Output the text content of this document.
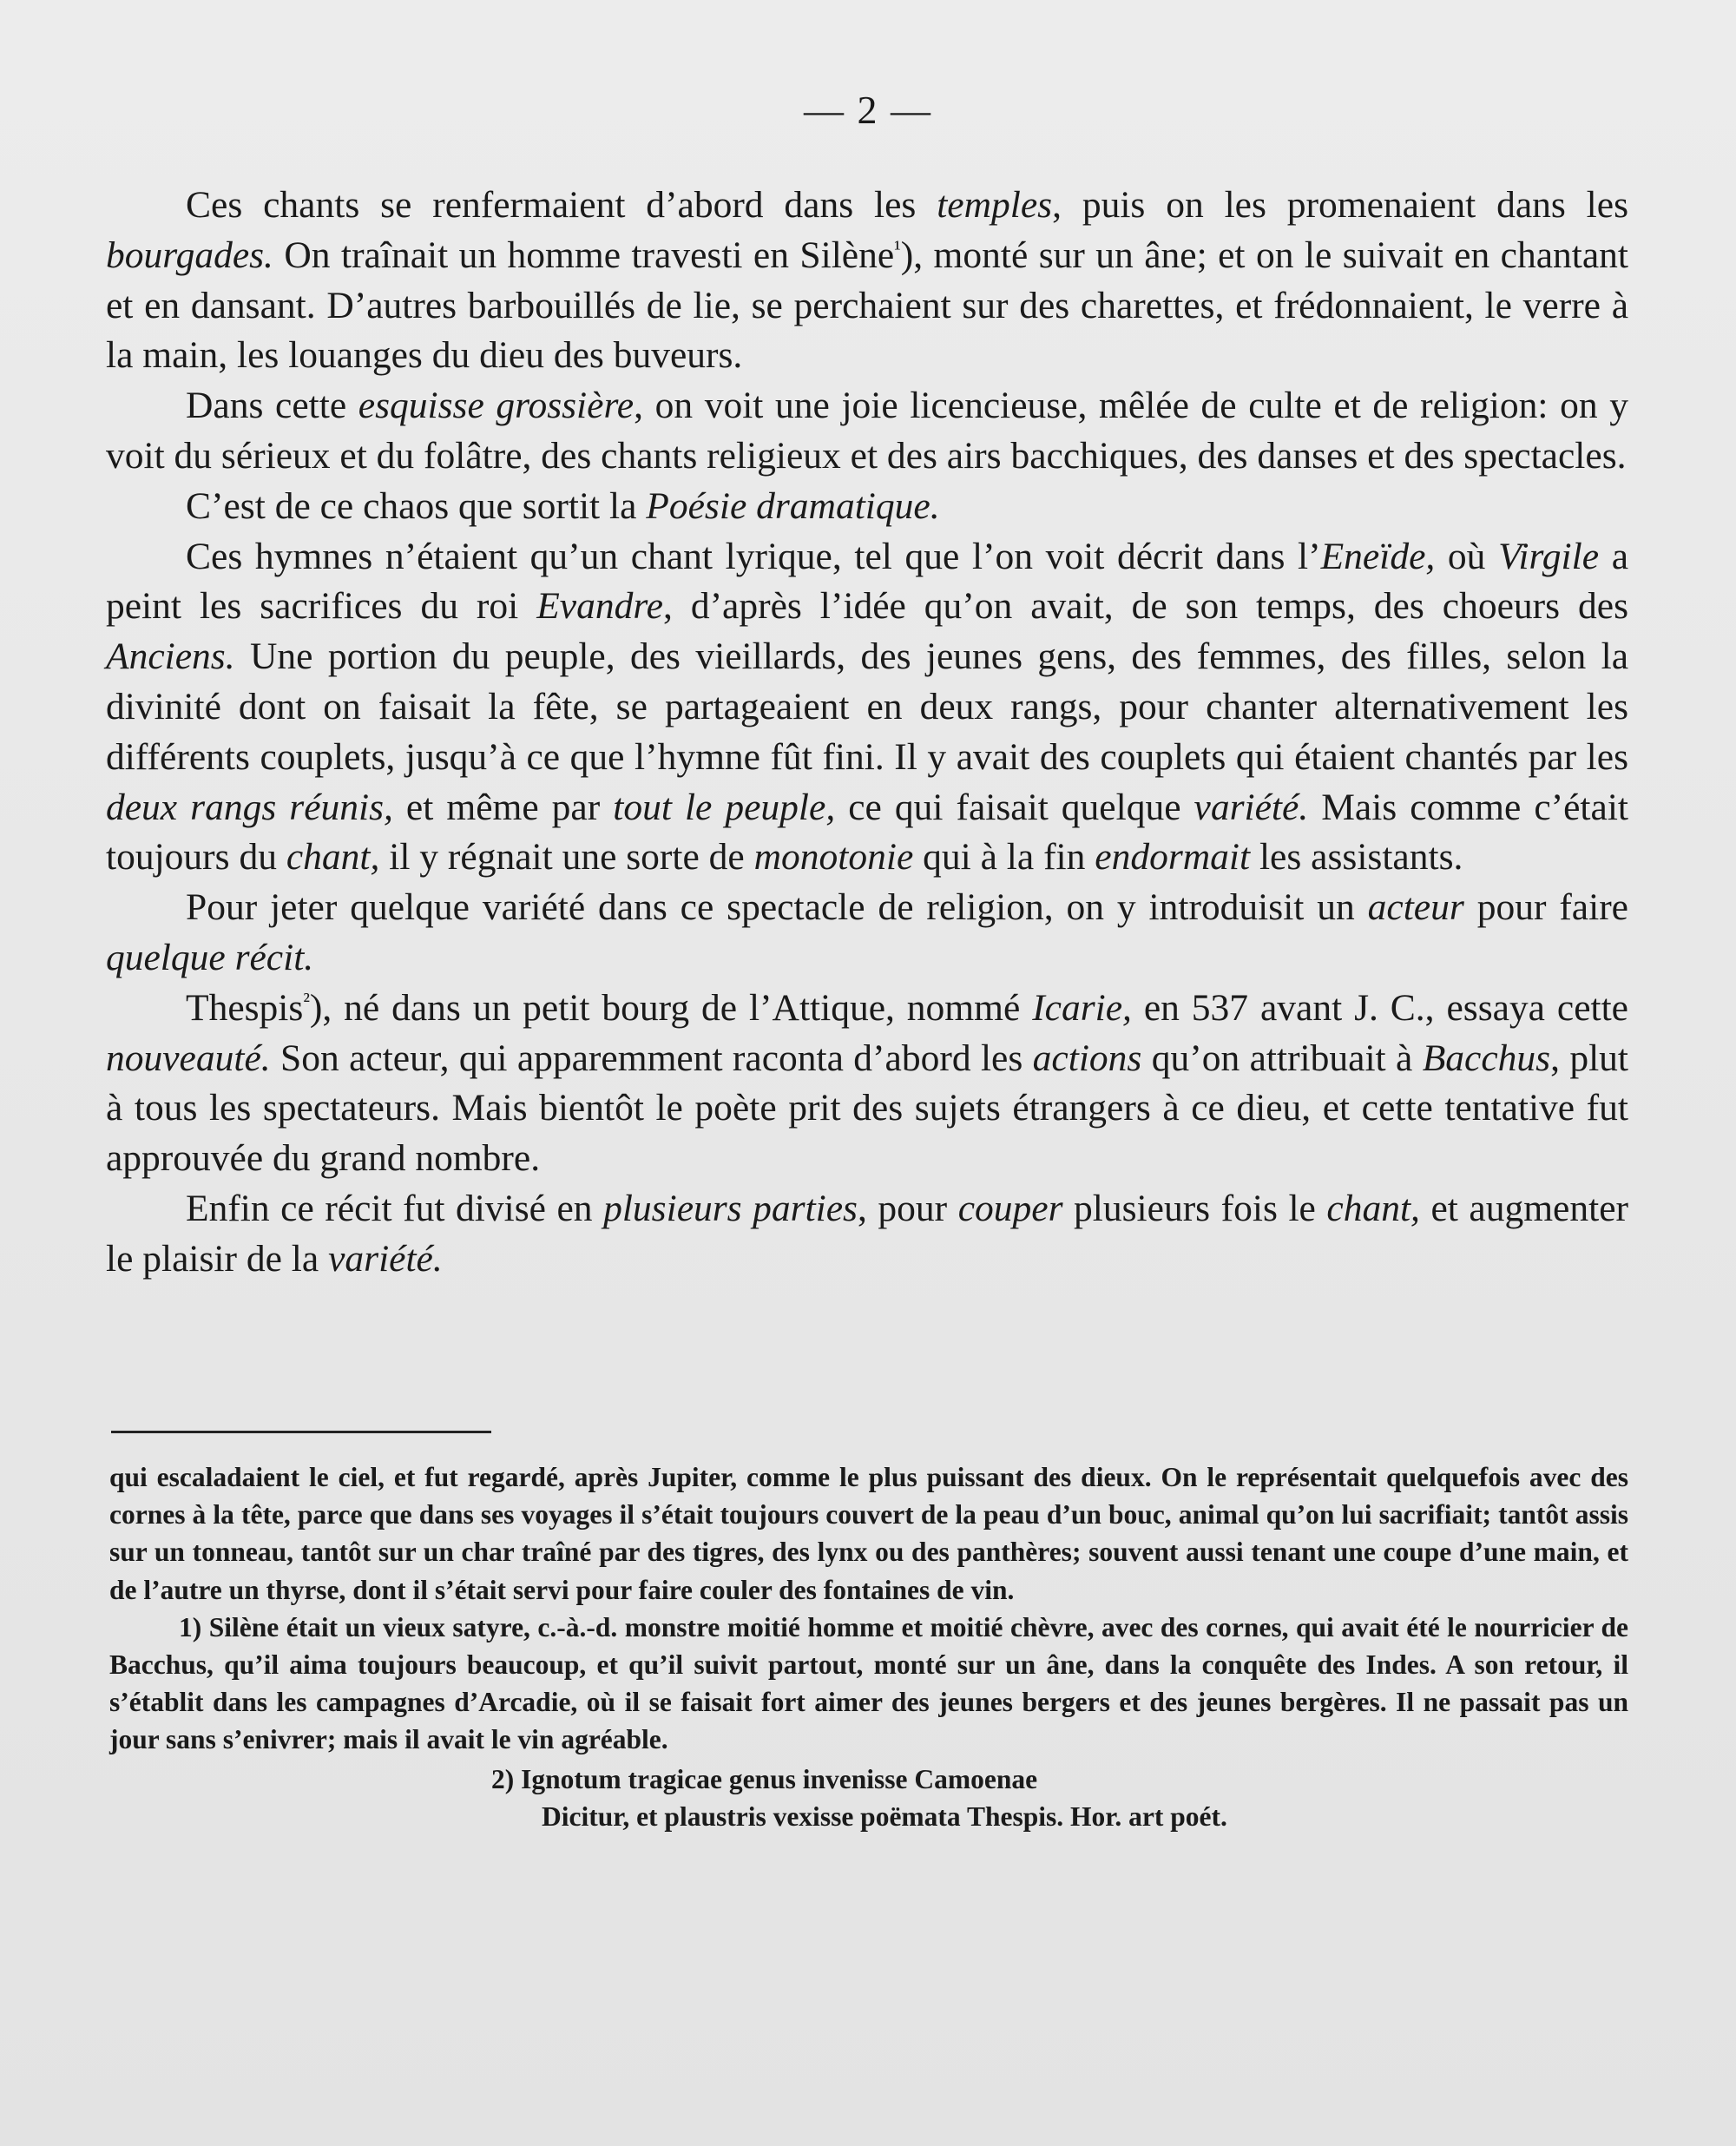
— 2 —

Ces chants se renfermaient d’abord dans les temples, puis on les promenaient dans les bourgades. On traînait un homme travesti en Silène$^{^1}$), monté sur un âne; et on le suivait en chantant et en dansant. D’autres barbouillés de lie, se perchaient sur des charettes, et frédonnaient, le verre à la main, les louanges du dieu des buveurs.

Dans cette esquisse grossière, on voit une joie licencieuse, mêlée de culte et de religion: on y voit du sérieux et du folâtre, des chants religieux et des airs bacchiques, des danses et des spectacles.

C’est de ce chaos que sortit la Poésie dramatique.

Ces hymnes n’étaient qu’un chant lyrique, tel que l’on voit décrit dans l’Eneïde, où Virgile a peint les sacrifices du roi Evandre, d’après l’idée qu’on avait, de son temps, des choeurs des Anciens. Une portion du peuple, des vieillards, des jeunes gens, des femmes, des filles, selon la divinité dont on faisait la fête, se partageaient en deux rangs, pour chanter alternativement les différents couplets, jusqu’à ce que l’hymne fût fini. Il y avait des couplets qui étaient chantés par les deux rangs réunis, et même par tout le peuple, ce qui faisait quelque variété. Mais comme c’était toujours du chant, il y régnait une sorte de monotonie qui à la fin endormait les assistants.

Pour jeter quelque variété dans ce spectacle de religion, on y introduisit un acteur pour faire quelque récit.

Thespis$^{^2}$), né dans un petit bourg de l’Attique, nommé Icarie, en 537 avant J. C., essaya cette nouveauté. Son acteur, qui apparemment raconta d’abord les actions qu’on attribuait à Bacchus, plut à tous les spectateurs. Mais bientôt le poète prit des sujets étrangers à ce dieu, et cette tentative fut approuvée du grand nombre.

Enfin ce récit fut divisé en plusieurs parties, pour couper plusieurs fois le chant, et augmenter le plaisir de la variété.

qui escaladaient le ciel, et fut regardé, après Jupiter, comme le plus puissant des dieux. On le représentait quelquefois avec des cornes à la tête, parce que dans ses voyages il s’était toujours couvert de la peau d’un bouc, animal qu’on lui sacrifiait; tantôt assis sur un tonneau, tantôt sur un char traîné par des tigres, des lynx ou des panthères; souvent aussi tenant une coupe d’une main, et de l’autre un thyrse, dont il s’était servi pour faire couler des fontaines de vin.

1) Silène était un vieux satyre, c.-à.-d. monstre moitié homme et moitié chèvre, avec des cornes, qui avait été le nourricier de Bacchus, qu’il aima toujours beaucoup, et qu’il suivit partout, monté sur un âne, dans la conquête des Indes. A son retour, il s’établit dans les campagnes d’Arcadie, où il se faisait fort aimer des jeunes bergers et des jeunes bergères. Il ne passait pas un jour sans s’enivrer; mais il avait le vin agréable.

2) Ignotum tragicae genus invenisse Camoenae
Dicitur, et plaustris vexisse poëmata Thespis. Hor. art poét.
